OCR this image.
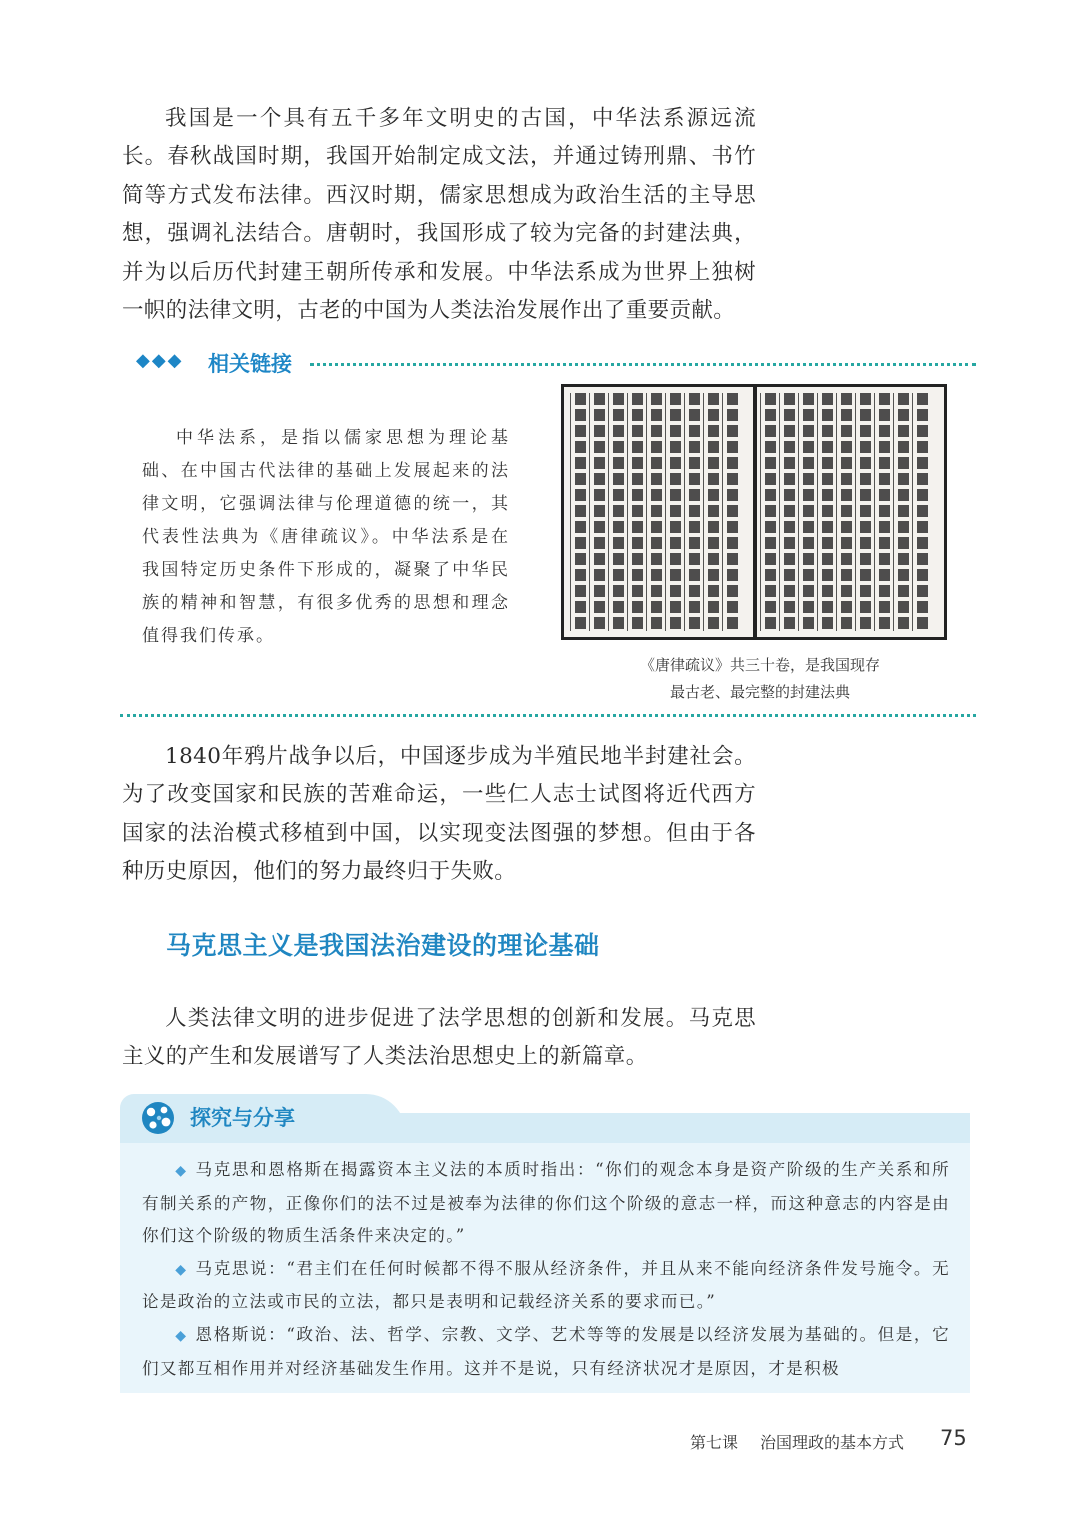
我国是一个具有五千多年文明史的古国，中华法系源远流长。春秋战国时期，我国开始制定成文法，并通过铸刑鼎、书竹简等方式发布法律。西汉时期，儒家思想成为政治生活的主导思想，强调礼法结合。唐朝时，我国形成了较为完备的封建法典，并为以后历代封建王朝所传承和发展。中华法系成为世界上独树一帜的法律文明，古老的中国为人类法治发展作出了重要贡献。

◆◆◆ 相关链接

中华法系，是指以儒家思想为理论基础、在中国古代法律的基础上发展起来的法律文明，它强调法律与伦理道德的统一，其代表性法典为《唐律疏议》。中华法系是在我国特定历史条件下形成的，凝聚了中华民族的精神和智慧，有很多优秀的思想和理念值得我们传承。

《唐律疏议》共三十卷，是我国现存
最古老、最完整的封建法典

1840年鸦片战争以后，中国逐步成为半殖民地半封建社会。为了改变国家和民族的苦难命运，一些仁人志士试图将近代西方国家的法治模式移植到中国，以实现变法图强的梦想。但由于各种历史原因，他们的努力最终归于失败。

马克思主义是我国法治建设的理论基础

人类法律文明的进步促进了法学思想的创新和发展。马克思主义的产生和发展谱写了人类法治思想史上的新篇章。

探究与分享

◆ 马克思和恩格斯在揭露资本主义法的本质时指出：“你们的观念本身是资产阶级的生产关系和所有制关系的产物，正像你们的法不过是被奉为法律的你们这个阶级的意志一样，而这种意志的内容是由你们这个阶级的物质生活条件来决定的。”

◆ 马克思说：“君主们在任何时候都不得不服从经济条件，并且从来不能向经济条件发号施令。无论是政治的立法或市民的立法，都只是表明和记载经济关系的要求而已。”

◆ 恩格斯说：“政治、法、哲学、宗教、文学、艺术等等的发展是以经济发展为基础的。但是，它们又都互相作用并对经济基础发生作用。这并不是说，只有经济状况才是原因，才是积极

第七课 治国理政的基本方式 75
